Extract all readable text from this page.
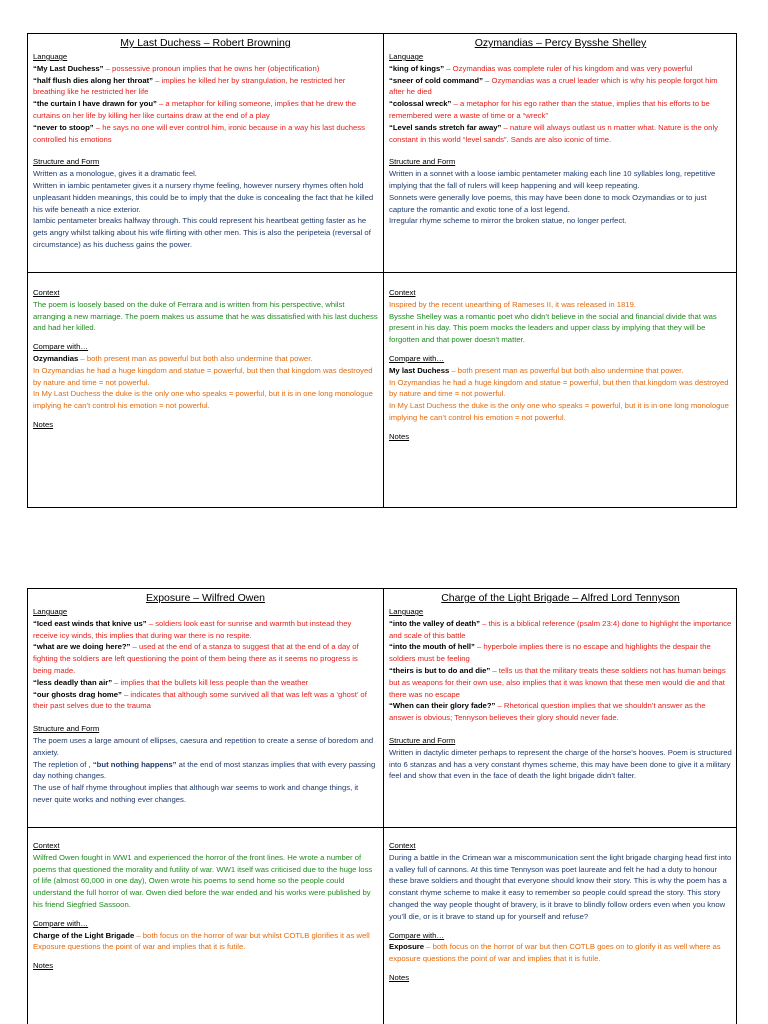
My Last Duchess – Robert Browning
Language

“My Last Duchess” – possessive pronoun implies that he owns her (objectification)

“half flush dies along her throat” – implies he killed her by strangulation, he restricted her breathing like he restricted her life

“the curtain I have drawn for you” – a metaphor for killing someone, implies that he drew the curtains on her life by killing her like curtains draw at the end of a play

“never to stoop” – he says no one will ever control him, ironic because in a way his last duchess controlled his emotions

Structure and Form

Written as a monologue, gives it a dramatic feel.

Written in iambic pentameter gives it a nursery rhyme feeling, however nursery rhymes often hold unpleasant hidden meanings, this could be to imply that the duke is concealing the fact that he killed his wife beneath a nice exterior.

Iambic pentameter breaks halfway through. This could represent his heartbeat getting faster as he gets angry whilst talking about his wife flirting with other men. This is also the peripeteia (reversal of circumstance) as his duchess gains the power.

Ozymandias – Percy Bysshe Shelley
Language

“king of kings” – Ozymandias was complete ruler of his kingdom and was very powerful

“sneer of cold command” – Ozymandias was a cruel leader which is why his people forgot him after he died

“colossal wreck” – a metaphor for his ego rather than the statue, implies that his efforts to be remembered were a waste of time or a “wreck”

“Level sands stretch far away” – nature will always outlast us n matter what. Nature is the only constant in this world “level sands”. Sands are also iconic of time.

Structure and Form

Written in a sonnet with a loose iambic pentameter making each line 10 syllables long, repetitive implying that the fall of rulers will keep happening and will keep repeating.

Sonnets were generally love poems, this may have been done to mock Ozymandias or to just capture the romantic and exotic tone of a lost legend.

Irregular rhyme scheme to mirror the broken statue, no longer perfect.

Context

The poem is loosely based on the duke of Ferrara and is written from his perspective, whilst arranging a new marriage. The poem makes us assume that he was dissatisfied with his last duchess and had her killed.

Compare with…

Ozymandias – both present man as powerful but both also undermine that power.

In Ozymandias he had a huge kingdom and statue = powerful, but then that kingdom was destroyed by nature and time = not powerful.

In My Last Duchess the duke is the only one who speaks = powerful, but it is in one long monologue implying he can’t control his emotion = not powerful.

Notes
Context

Inspired by the recent unearthing of Rameses II, it was released in 1819.

Bysshe Shelley was a romantic poet who didn’t believe in the social and financial divide that was present in his day. This poem mocks the leaders and upper class by implying that they will be forgotten and that power doesn’t matter.

Compare with…

My last Duchess – both present man as powerful but both also undermine that power.

In Ozymandias he had a huge kingdom and statue = powerful, but then that kingdom was destroyed by nature and time = not powerful.

In My Last Duchess the duke is the only one who speaks = powerful, but it is in one long monologue implying he can’t control his emotion = not powerful.

Notes
Exposure – Wilfred Owen
Language

“Iced east winds that knive us” – soldiers look east for sunrise and warmth but instead they receive icy winds, this implies that during war there is no respite.

“what are we doing here?” – used at the end of a stanza to suggest that at the end of a day of fighting the soldiers are left questioning the point of them being there as it seems no progress is being made.

“less deadly than air” – implies that the bullets kill less people than the weather

“our ghosts drag home” – indicates that although some survived all that was left was a ‘ghost’ of their past selves due to the trauma

Structure and Form

The poem uses a large amount of ellipses, caesura and repetition to create a sense of boredom and anxiety.

The repletion of , “but nothing happens” at the end of most stanzas implies that with every passing day nothing changes.

The use of half rhyme throughout implies that although war seems to work and change things, it never quite works and nothing ever changes.

Charge of the Light Brigade – Alfred Lord Tennyson
Language

“into the valley of death” – this is a biblical reference (psalm 23:4) done to highlight the importance and scale of this battle

“into the mouth of hell” – hyperbole implies there is no escape and highlights the despair the soldiers must be feeling

“theirs is but to do and die” – tells us that the military treats these soldiers not has human beings but as weapons for their own use, also implies that it was known that these men would die and that there was no escape

“When can their glory fade?” – Rhetorical question implies that we shouldn’t answer as the answer is obvious; Tennyson believes their glory should never fade.

Structure and Form

Written in dactylic dimeter perhaps to represent the charge of the horse’s hooves. Poem is structured into 6 stanzas and has a very constant rhymes scheme, this may have been done to give it a military feel and show that even in the face of death the light brigade didn’t falter.

Context

Wilfred Owen fought in WW1 and experienced the horror of the front lines. He wrote a number of poems that questioned the morality and futility of war. WW1 itself was criticised due to the huge loss of life (almost 60,000 in one day), Owen wrote his poems to send home so the people could understand the full horror of war. Owen died before the war ended and his works were published by his friend Siegfried Sassoon.

Compare with…

Charge of the Light Brigade – both focus on the horror of war but whilst COTLB glorifies it as well Exposure questions the point of war and implies that it is futile.

Notes
Context

During a battle in the Crimean war a miscommunication sent the light brigade charging head first into a valley full of cannons. At this time Tennyson was poet laureate and felt he had a duty to honour these brave soldiers and thought that everyone should know their story. This is why the poem has a constant rhyme scheme to make it easy to remember so people could spread the story. This story changed the way people thought of bravery, is it brave to blindly follow orders even when you know you’ll die, or is it brave to stand up for yourself and refuse?

Compare with…

Exposure – both focus on the horror of war but then COTLB goes on to glorify it as well where as exposure questions the point of war and implies that it is futile.

Notes
